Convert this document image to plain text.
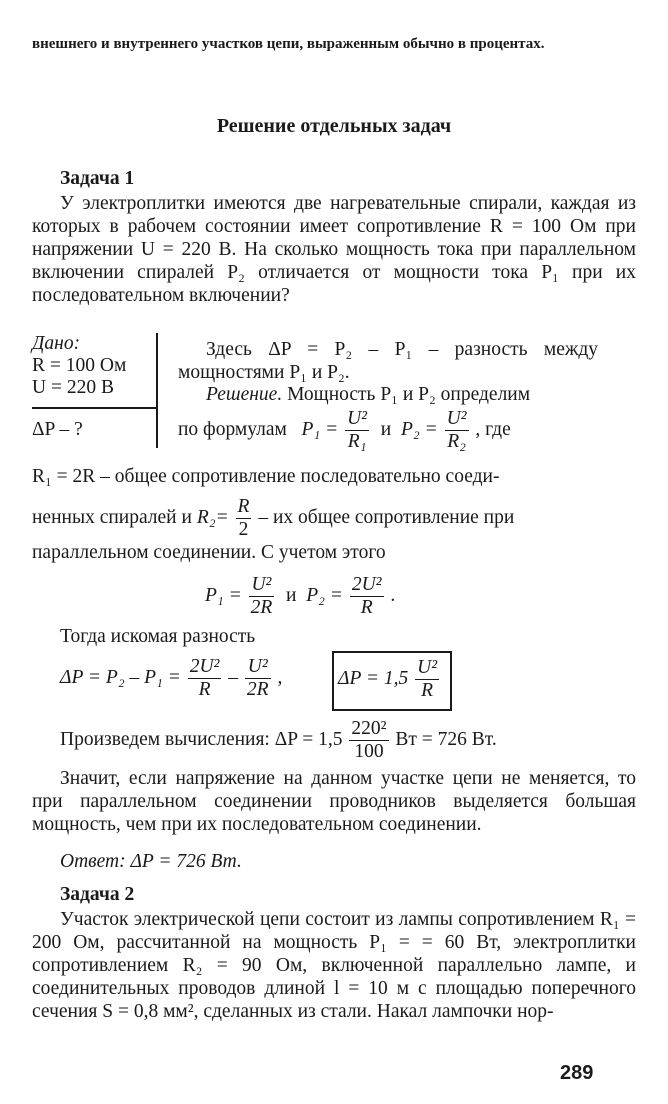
внешнего и внутреннего участков цепи, выраженным обычно в процентах.
Решение отдельных задач
Задача 1
У электроплитки имеются две нагревательные спирали, каждая из которых в рабочем состоянии имеет сопротивление R = 100 Ом при напряжении U = 220 В. На сколько мощность тока при параллельном включении спиралей P₂ отличается от мощности тока P₁ при их последовательном включении?
Дано:
R = 100 Ом
U = 220 В
ΔP – ?
Здесь ΔP = P₂ – P₁ – разность между мощностями P₁ и P₂.
Решение. Мощность P₁ и P₂ определим
по формулам $P_1 = \frac{\text{U²}}{\text{R₁}}$ и $P_2 = \frac{\text{U²}}{\text{R₂}}$ , где
R₁ = 2R – общее сопротивление последовательно соеди-
ненных спиралей и $R_2= \frac{R}{2}$ – их общее сопротивление при
параллельном соединении. С учетом этого
$P_1 = \frac{\text{U²}}{2R}$ и $P_2 = \frac{\text{2U²}}{R}$ .
Тогда искомая разность
$\Delta P = P_2 - P_1 = \frac{\text{2U²}}{R} - \frac{\text{U²}}{2R}$ ,	$\Delta P = 1,5 \frac{\text{U²}}{R}$
Произведем вычисления: $\Delta P = 1,5 \frac{\text{220²}}{100}$ Вт = 726 Вт.
Значит, если напряжение на данном участке цепи не меняется, то при параллельном соединении проводников выделяется большая мощность, чем при их последовательном соединении.
Ответ: ΔP = 726 Вт.
Задача 2
Участок электрической цепи состоит из лампы сопротивлением R₁ = 200 Ом, рассчитанной на мощность P₁ = = 60 Вт, электроплитки сопротивлением R₂ = 90 Ом, включенной параллельно лампе, и соединительных проводов длиной l = 10 м с площадью поперечного сечения S = 0,8 мм², сделанных из стали. Накал лампочки нор-
289
